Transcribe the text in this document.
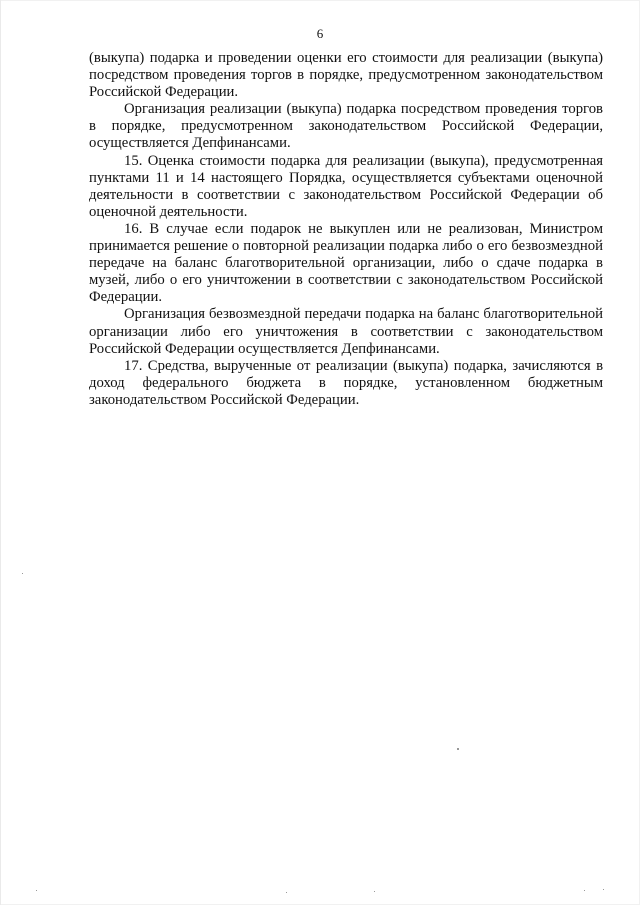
6

(выкупа) подарка и проведении оценки его стоимости для реализации (выкупа) посредством проведения торгов в порядке, предусмотренном законодательством Российской Федерации.

Организация реализации (выкупа) подарка посредством проведения торгов в порядке, предусмотренном законодательством Российской Федерации, осуществляется Депфинансами.

15. Оценка стоимости подарка для реализации (выкупа), предусмотренная пунктами 11 и 14 настоящего Порядка, осуществляется субъектами оценочной деятельности в соответствии с законодательством Российской Федерации об оценочной деятельности.

16. В случае если подарок не выкуплен или не реализован, Министром принимается решение о повторной реализации подарка либо о его безвозмездной передаче на баланс благотворительной организации, либо о сдаче подарка в музей, либо о его уничтожении в соответствии с законодательством Российской Федерации.

Организация безвозмездной передачи подарка на баланс благотворительной организации либо его уничтожения в соответствии с законодательством Российской Федерации осуществляется Депфинансами.

17. Средства, вырученные от реализации (выкупа) подарка, зачисляются в доход федерального бюджета в порядке, установленном бюджетным законодательством Российской Федерации.
